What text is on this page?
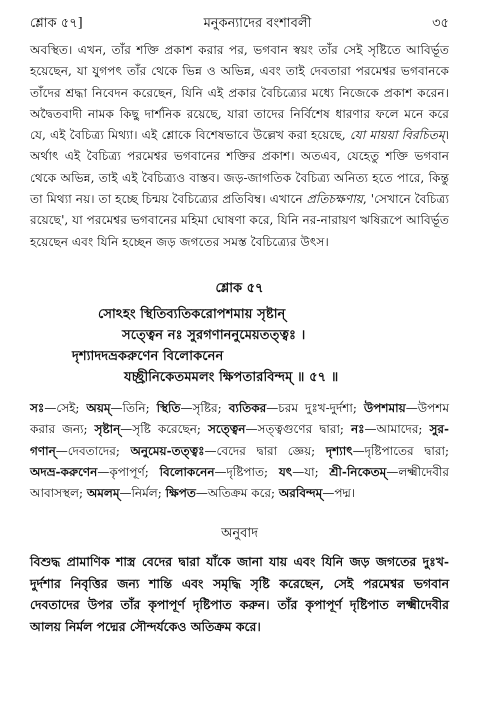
শ্লোক ৫৭]	মনুকন্যাদের বংশাবলী	৩৫

অবস্থিত। এখন, তাঁর শক্তি প্রকাশ করার পর, ভগবান স্বয়ং তাঁর সেই সৃষ্টিতে আবির্ভূত হয়েছেন, যা যুগপৎ তাঁর থেকে ভিন্ন ও অভিন্ন, এবং তাই দেবতারা পরমেশ্বর ভগবানকে তাঁদের শ্রদ্ধা নিবেদন করেছেন, যিনি এই প্রকার বৈচিত্র্যের মধ্যে নিজেকে প্রকাশ করেন। অদ্বৈতবাদী নামক কিছু দার্শনিক রয়েছে, যারা তাদের নির্বিশেষ ধারণার ফলে মনে করে যে, এই বৈচিত্র্য মিথ্যা। এই শ্লোকে বিশেষভাবে উল্লেখ করা হয়েছে, যো মায়য়া বিরচিতম্। অর্থাৎ এই বৈচিত্র্য পরমেশ্বর ভগবানের শক্তির প্রকাশ। অতএব, যেহেতু শক্তি ভগবান থেকে অভিন্ন, তাই এই বৈচিত্র্যও বাস্তব। জড়-জাগতিক বৈচিত্র্য অনিত্য হতে পারে, কিন্তু তা মিথ্যা নয়। তা হচ্ছে চিন্ময় বৈচিত্র্যের প্রতিবিম্ব। এখানে প্রতিচক্ষণায়, 'সেখানে বৈচিত্র্য রয়েছে', যা পরমেশ্বর ভগবানের মহিমা ঘোষণা করে, যিনি নর-নারায়ণ ঋষিরূপে আবির্ভূত হয়েছেন এবং যিনি হচ্ছেন জড় জগতের সমস্ত বৈচিত্র্যের উৎস।

শ্লোক ৫৭
সোঽহং স্থিতিব্যতিকরোপশমায় সৃষ্টান্
সত্ত্বেন নঃ সুরগণাননুমেয়তত্ত্বঃ ।
দৃশ্যাদদভ্রকরুণেন বিলোকনেন
যচ্ছ্রীনিকেতমমলং ক্ষিপতারবিন্দম্ ॥ ৫৭ ॥
সঃ—সেই; অয়ম্—তিনি; স্থিতি—সৃষ্টির; ব্যতিকর—চরম দুঃখ-দুর্দশা; উপশমায়—উপশম করার জন্য; সৃষ্টান্—সৃষ্টি করেছেন; সত্ত্বেন—সত্ত্বগুণের দ্বারা; নঃ—আমাদের; সুর-গণান্—দেবতাদের; অনুমেয়-তত্ত্বঃ—বেদের দ্বারা জ্ঞেয়; দৃশ্যাৎ—দৃষ্টিপাতের দ্বারা; অদভ্র-করুণেন—কৃপাপূর্ণ; বিলোকনেন—দৃষ্টিপাত; যৎ—যা; শ্রী-নিকেতম্—লক্ষ্মীদেবীর আবাসস্থল; অমলম্—নির্মল; ক্ষিপত—অতিক্রম করে; অরবিন্দম্—পদ্ম।
অনুবাদ

বিশুদ্ধ প্রামাণিক শাস্ত্র বেদের দ্বারা যাঁকে জানা যায় এবং যিনি জড় জগতের দুঃখ-দুর্দশার নিবৃত্তির জন্য শান্তি এবং সমৃদ্ধি সৃষ্টি করেছেন, সেই পরমেশ্বর ভগবান দেবতাদের উপর তাঁর কৃপাপূর্ণ দৃষ্টিপাত করুন। তাঁর কৃপাপূর্ণ দৃষ্টিপাত লক্ষ্মীদেবীর আলয় নির্মল পদ্মের সৌন্দর্যকেও অতিক্রম করে।
